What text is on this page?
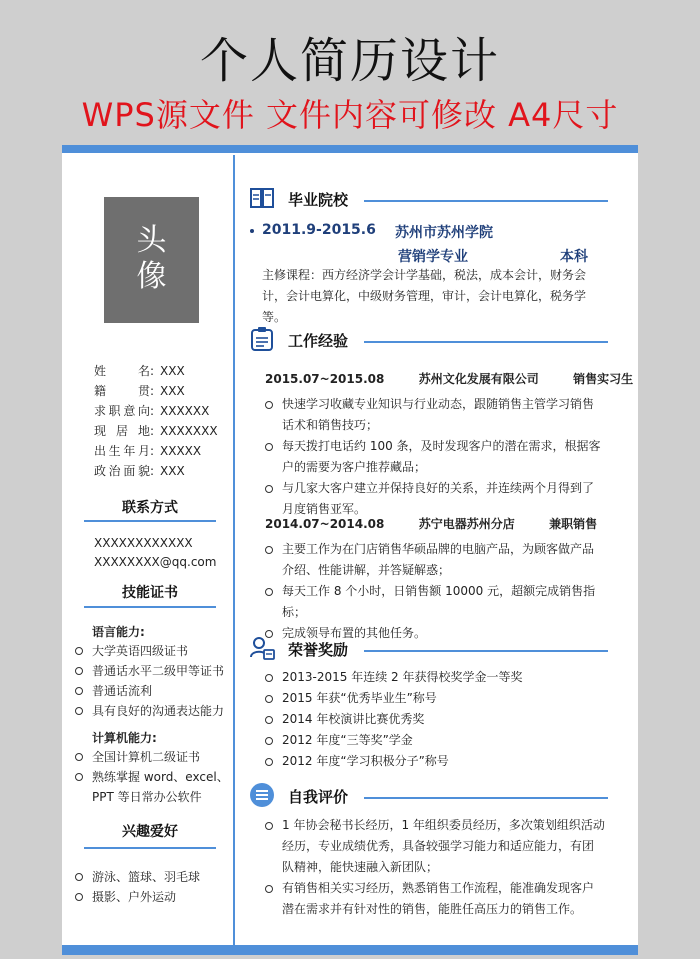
个人简历设计
WPS源文件 文件内容可修改 A4尺寸
头
像
姓名 : XXX
籍贯 : XXX
求职意向 : XXXXXX
现居地 : XXXXXXX
出生年月 : XXXXX
政治面貌 : XXX
联系方式
XXXXXXXXXXXX
XXXXXXXX@qq.com
技能证书
语言能力:
大学英语四级证书
普通话水平二级甲等证书
普通话流利
具有良好的沟通表达能力
计算机能力:
全国计算机二级证书
熟练掌握 word、excel、
PPT 等日常办公软件
兴趣爱好
游泳、篮球、羽毛球
摄影、户外运动
毕业院校
2011.9-2015.6 苏州市苏州学院
营销学专业	本科
主修课程：西方经济学会计学基础，税法，成本会计，财务会计，会计电算化，中级财务管理，审计，会计电算化，税务学等。
工作经验
2015.07~2015.08	苏州文化发展有限公司	销售实习生
快速学习收藏专业知识与行业动态，跟随销售主管学习销售话术和销售技巧；
每天拨打电话约 100 条，及时发现客户的潜在需求，根据客户的需要为客户推荐藏品；
与几家大客户建立并保持良好的关系，并连续两个月得到了月度销售亚军。
2014.07~2014.08	苏宁电器苏州分店	兼职销售
主要工作为在门店销售华硕品牌的电脑产品，为顾客做产品介绍、性能讲解，并答疑解惑；
每天工作 8 个小时，日销售额 10000 元，超额完成销售指标；
完成领导布置的其他任务。
荣誉奖励
2013-2015 年连续 2 年获得校奖学金一等奖
2015 年获“优秀毕业生”称号
2014 年校演讲比赛优秀奖
2012 年度“三等奖”学金
2012 年度“学习积极分子”称号
自我评价
1 年协会秘书长经历，1 年组织委员经历，多次策划组织活动经历，专业成绩优秀，具备较强学习能力和适应能力，有团队精神，能快速融入新团队；
有销售相关实习经历，熟悉销售工作流程，能准确发现客户潜在需求并有针对性的销售，能胜任高压力的销售工作。
